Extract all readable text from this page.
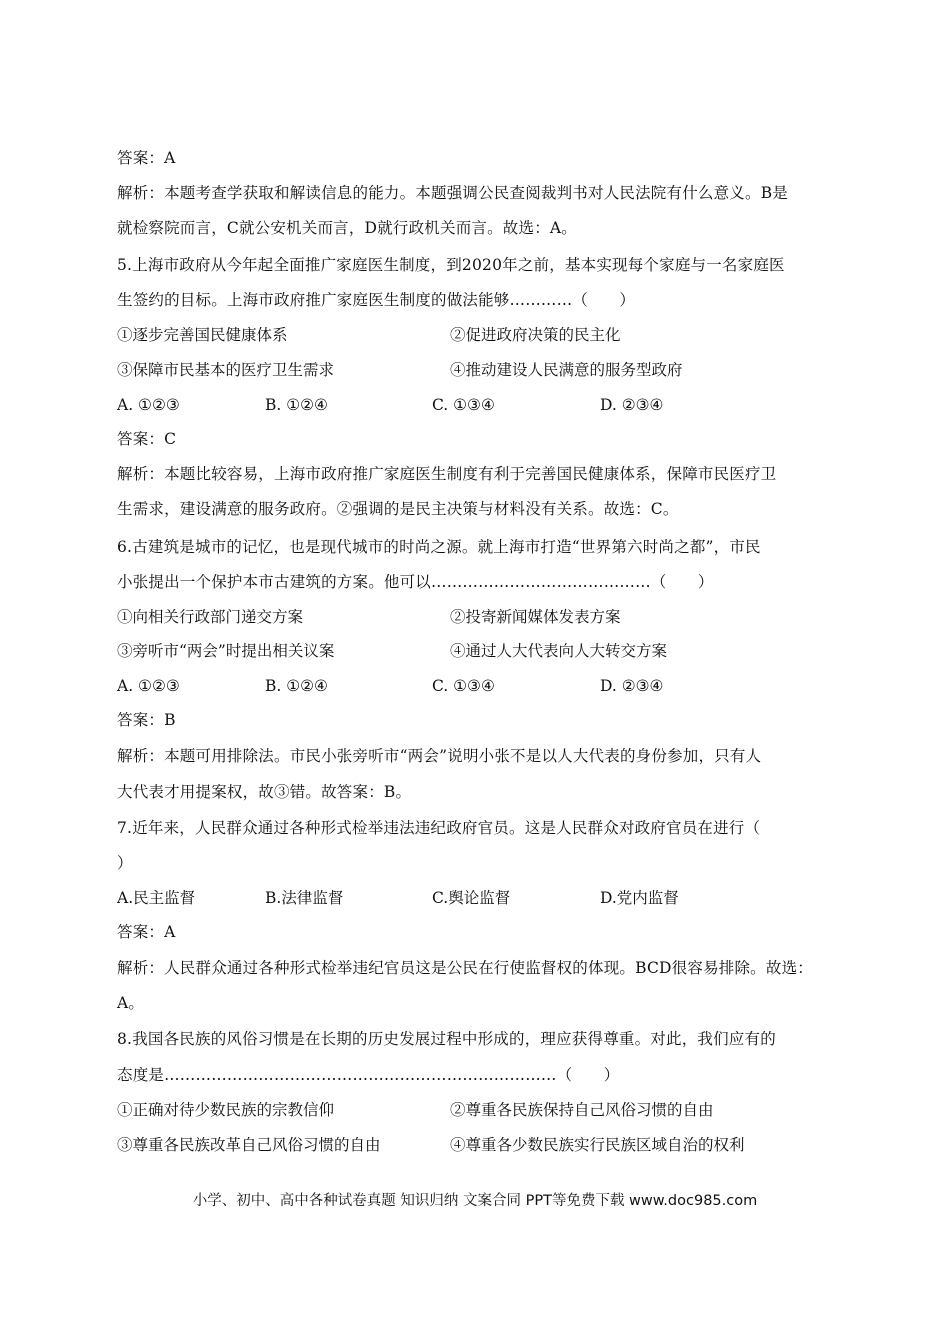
答案：A
解析：本题考查学获取和解读信息的能力。本题强调公民查阅裁判书对人民法院有什么意义。B是
就检察院而言，C就公安机关而言，D就行政机关而言。故选：A。
5.上海市政府从今年起全面推广家庭医生制度，到2020年之前，基本实现每个家庭与一名家庭医
生签约的目标。上海市政府推广家庭医生制度的做法能够…………（　　）
①逐步完善国民健康体系	②促进政府决策的民主化
③保障市民基本的医疗卫生需求	④推动建设人民满意的服务型政府
A. ①②③	B. ①②④	C. ①③④	D. ②③④
答案：C
解析：本题比较容易，上海市政府推广家庭医生制度有利于完善国民健康体系，保障市民医疗卫
生需求，建设满意的服务政府。②强调的是民主决策与材料没有关系。故选：C。
6.古建筑是城市的记忆，也是现代城市的时尚之源。就上海市打造“世界第六时尚之都”，市民
小张提出一个保护本市古建筑的方案。他可以……………………………………（　　）
①向相关行政部门递交方案	②投寄新闻媒体发表方案
③旁听市“两会”时提出相关议案	④通过人大代表向人大转交方案
A. ①②③	B. ①②④	C. ①③④	D. ②③④
答案：B
解析：本题可用排除法。市民小张旁听市“两会”说明小张不是以人大代表的身份参加，只有人
大代表才用提案权，故③错。故答案：B。
7.近年来，人民群众通过各种形式检举违法违纪政府官员。这是人民群众对政府官员在进行（
）
A.民主监督	B.法律监督	C.舆论监督	D.党内监督
答案：A
解析：人民群众通过各种形式检举违纪官员这是公民在行使监督权的体现。BCD很容易排除。故选：
A。
8.我国各民族的风俗习惯是在长期的历史发展过程中形成的，理应获得尊重。对此，我们应有的
态度是…………………………………………………………………（　　）
①正确对待少数民族的宗教信仰	②尊重各民族保持自己风俗习惯的自由
③尊重各民族改革自己风俗习惯的自由	④尊重各少数民族实行民族区域自治的权利
小学、初中、高中各种试卷真题 知识归纳 文案合同 PPT等免费下载 www.doc985.com
